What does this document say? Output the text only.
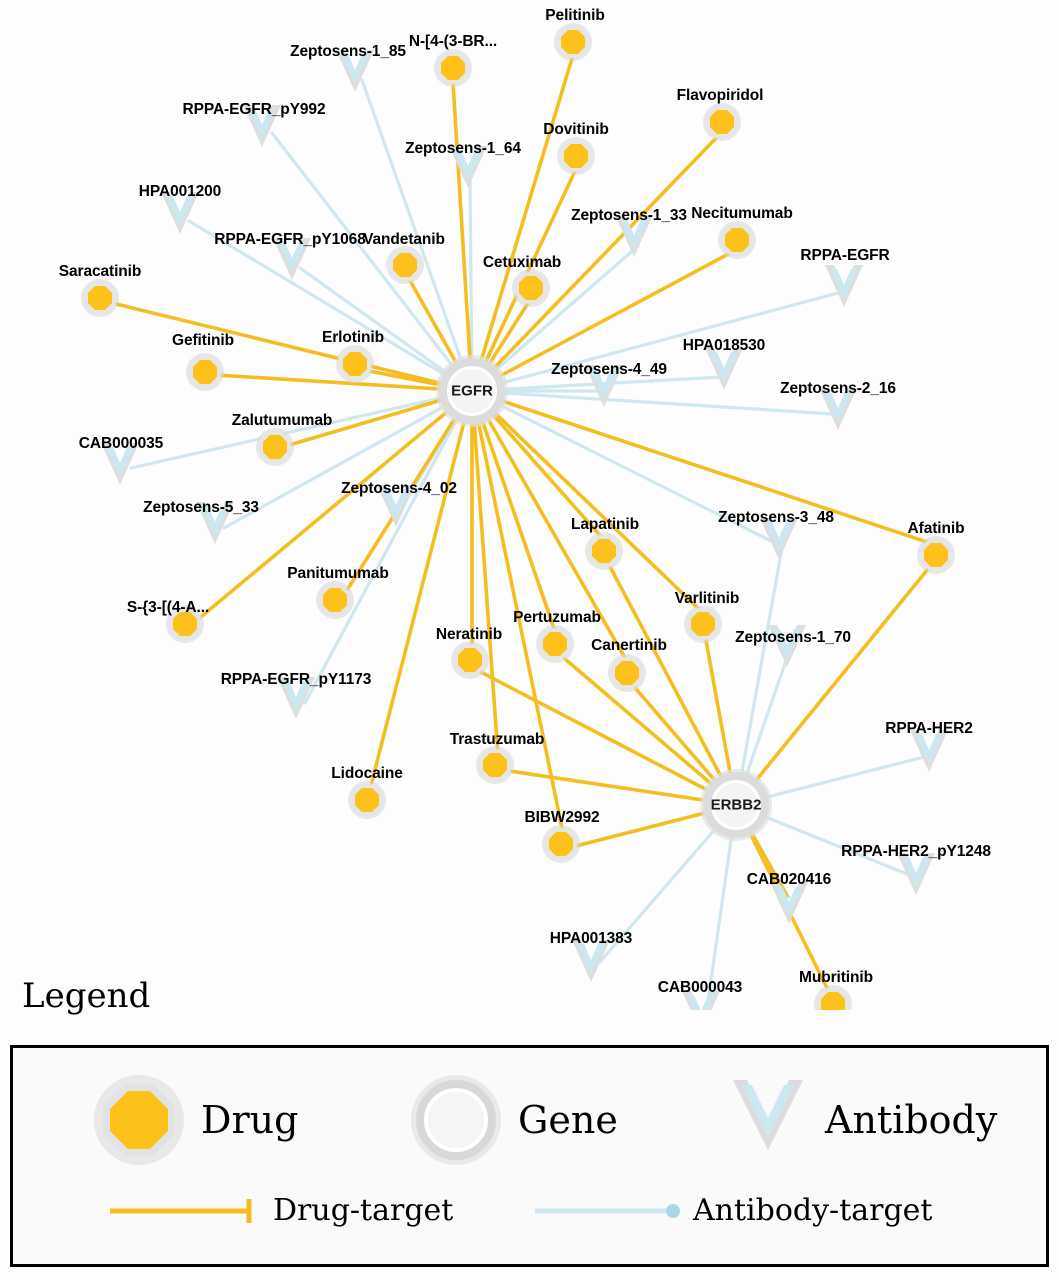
Zeptosens-1_85
RPPA-EGFR_pY992
Zeptosens-1_64
HPA001200
Zeptosens-1_33
RPPA-EGFR_pY1068
RPPA-EGFR
HPA018530
Zeptosens-4_49
Zeptosens-2_16
CAB000035
Zeptosens-5_33
Zeptosens-4_02
Zeptosens-3_48
Zeptosens-1_70
RPPA-EGFR_pY1173
RPPA-HER2
RPPA-HER2_pY1248
CAB020416
HPA001383
CAB000043
Pelitinib
N-[4-(3-BR...
Flavopiridol
Dovitinib
Necitumumab
Vandetanib
Cetuximab
Saracatinib
Erlotinib
Gefitinib
Zalutumumab
Panitumumab
S-{3-[(4-A...
Lapatinib	Afatinib
Varlitinib
Pertuzumab
Canertinib
Neratinib
Trastuzumab
Lidocaine
BIBW2992
Mubritinib
EGFR
ERBB2
Legend
Drug	Gene	Antibody
Drug-target	Antibody-target
